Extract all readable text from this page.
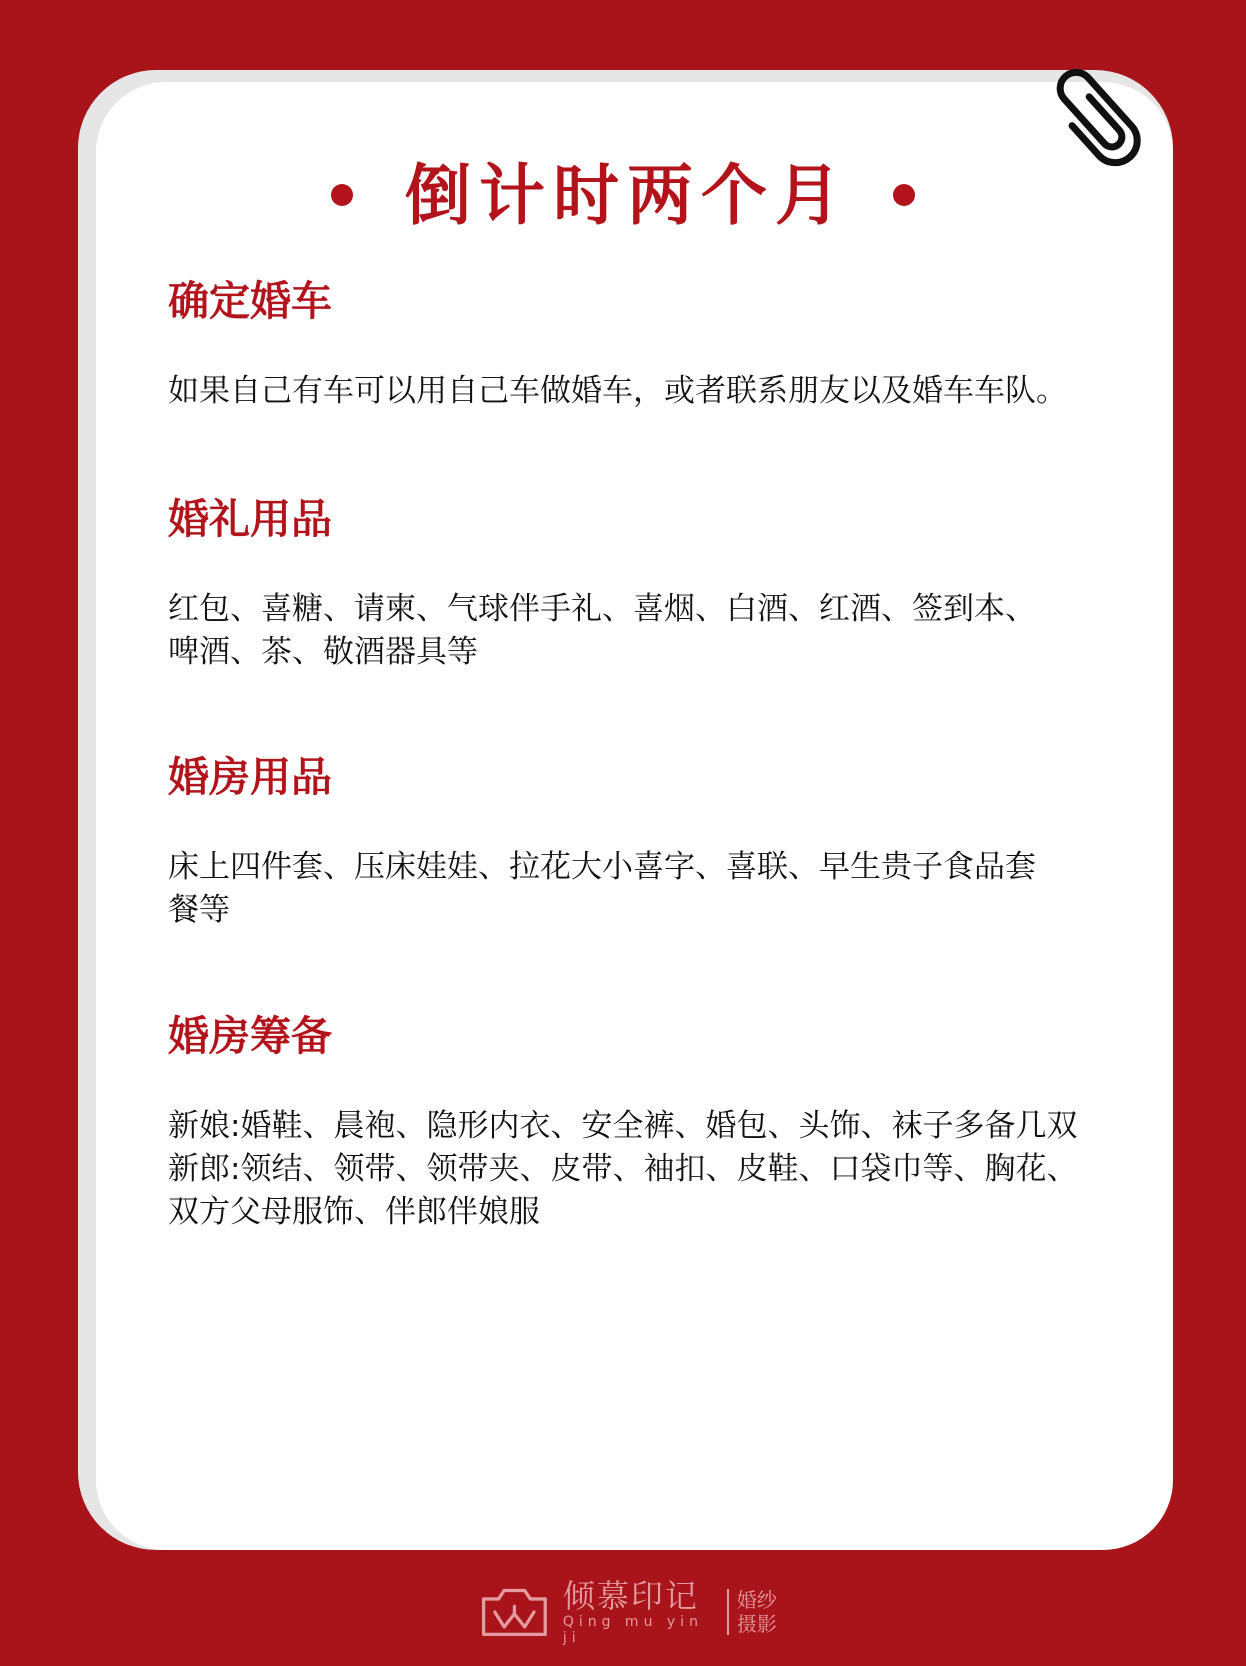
倒计时两个月
确定婚车

如果自己有车可以用自己车做婚车，或者联系朋友以及婚车车队。

婚礼用品

红包、喜糖、请柬、气球伴手礼、喜烟、白酒、红酒、签到本、
啤酒、茶、敬酒器具等

婚房用品

床上四件套、压床娃娃、拉花大小喜字、喜联、早生贵子食品套
餐等

婚房筹备

新娘:婚鞋、晨袍、隐形内衣、安全裤、婚包、头饰、袜子多备几双
新郎:领结、领带、领带夹、皮带、袖扣、皮鞋、口袋巾等、胸花、
双方父母服饰、伴郎伴娘服

倾慕印记
Qing mu yin ji
婚纱
摄影
